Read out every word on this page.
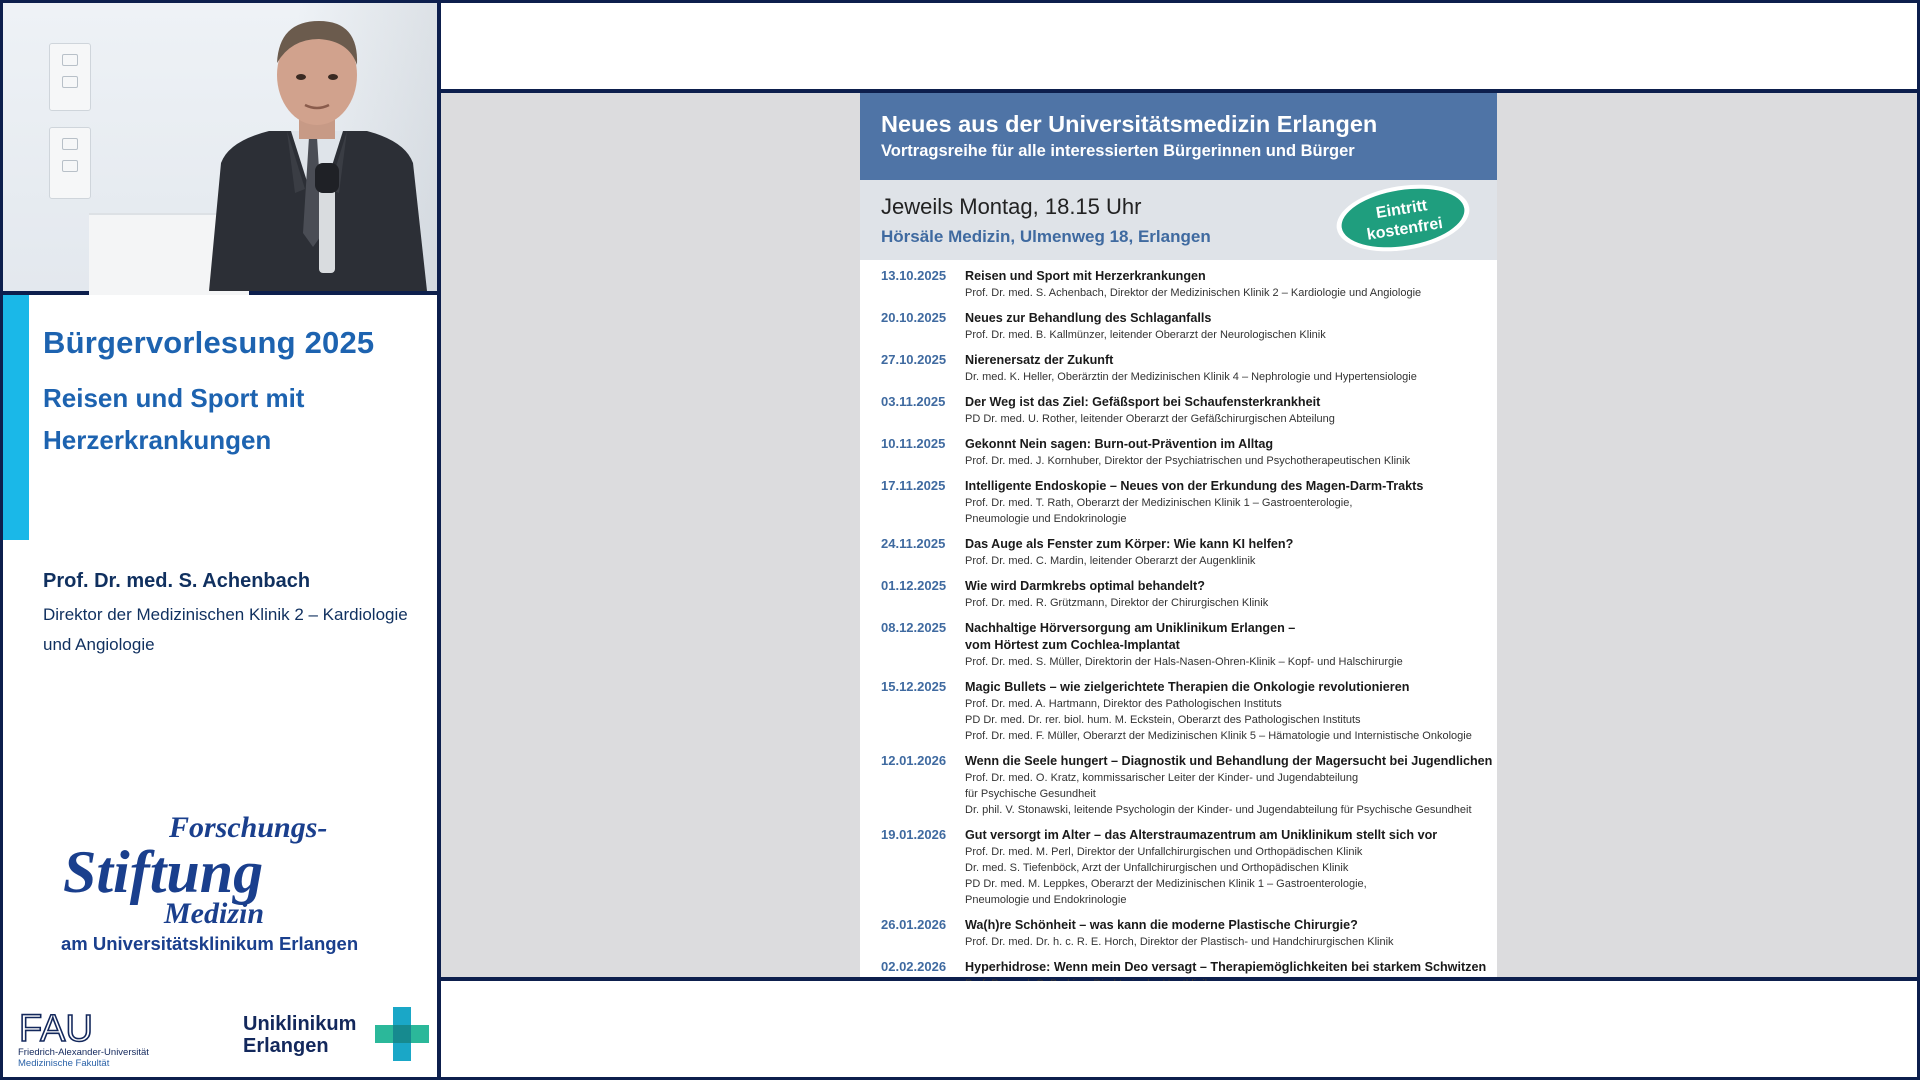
Bürgervorlesung 2025
Reisen und Sport mit Herzerkrankungen
Prof. Dr. med. S. Achenbach
Direktor der Medizinischen Klinik 2 – Kardiologie und Angiologie
Forschungs-
Stiftung
Medizin
am Universitätsklinikum Erlangen
FAU
Friedrich-Alexander-Universität
Medizinische Fakultät
Uniklinikum
Erlangen
Neues aus der Universitätsmedizin Erlangen
Vortragsreihe für alle interessierten Bürgerinnen und Bürger
Jeweils Montag, 18.15 Uhr
Hörsäle Medizin, Ulmenweg 18, Erlangen
Eintritt
kostenfrei
13.10.2025 Reisen und Sport mit Herzerkrankungen
Prof. Dr. med. S. Achenbach, Direktor der Medizinischen Klinik 2 – Kardiologie und Angiologie
20.10.2025 Neues zur Behandlung des Schlaganfalls
Prof. Dr. med. B. Kallmünzer, leitender Oberarzt der Neurologischen Klinik
27.10.2025 Nierenersatz der Zukunft
Dr. med. K. Heller, Oberärztin der Medizinischen Klinik 4 – Nephrologie und Hypertensiologie
03.11.2025 Der Weg ist das Ziel: Gefäßsport bei Schaufensterkrankheit
PD Dr. med. U. Rother, leitender Oberarzt der Gefäßchirurgischen Abteilung
10.11.2025 Gekonnt Nein sagen: Burn-out-Prävention im Alltag
Prof. Dr. med. J. Kornhuber, Direktor der Psychiatrischen und Psychotherapeutischen Klinik
17.11.2025 Intelligente Endoskopie – Neues von der Erkundung des Magen-Darm-Trakts
Prof. Dr. med. T. Rath, Oberarzt der Medizinischen Klinik 1 – Gastroenterologie,
Pneumologie und Endokrinologie
24.11.2025 Das Auge als Fenster zum Körper: Wie kann KI helfen?
Prof. Dr. med. C. Mardin, leitender Oberarzt der Augenklinik
01.12.2025 Wie wird Darmkrebs optimal behandelt?
Prof. Dr. med. R. Grützmann, Direktor der Chirurgischen Klinik
08.12.2025 Nachhaltige Hörversorgung am Uniklinikum Erlangen –
vom Hörtest zum Cochlea-Implantat
Prof. Dr. med. S. Müller, Direktorin der Hals-Nasen-Ohren-Klinik – Kopf- und Halschirurgie
15.12.2025 Magic Bullets – wie zielgerichtete Therapien die Onkologie revolutionieren
Prof. Dr. med. A. Hartmann, Direktor des Pathologischen Instituts
PD Dr. med. Dr. rer. biol. hum. M. Eckstein, Oberarzt des Pathologischen Instituts
Prof. Dr. med. F. Müller, Oberarzt der Medizinischen Klinik 5 – Hämatologie und Internistische Onkologie
12.01.2026 Wenn die Seele hungert – Diagnostik und Behandlung der Magersucht bei Jugendlichen
Prof. Dr. med. O. Kratz, kommissarischer Leiter der Kinder- und Jugendabteilung
für Psychische Gesundheit
Dr. phil. V. Stonawski, leitende Psychologin der Kinder- und Jugendabteilung für Psychische Gesundheit
19.01.2026 Gut versorgt im Alter – das Alterstraumazentrum am Uniklinikum stellt sich vor
Prof. Dr. med. M. Perl, Direktor der Unfallchirurgischen und Orthopädischen Klinik
Dr. med. S. Tiefenböck, Arzt der Unfallchirurgischen und Orthopädischen Klinik
PD Dr. med. M. Leppkes, Oberarzt der Medizinischen Klinik 1 – Gastroenterologie,
Pneumologie und Endokrinologie
26.01.2026 Wa(h)re Schönheit – was kann die moderne Plastische Chirurgie?
Prof. Dr. med. Dr. h. c. R. E. Horch, Direktor der Plastisch- und Handchirurgischen Klinik
02.02.2026 Hyperhidrose: Wenn mein Deo versagt – Therapiemöglichkeiten bei starkem Schwitzen
